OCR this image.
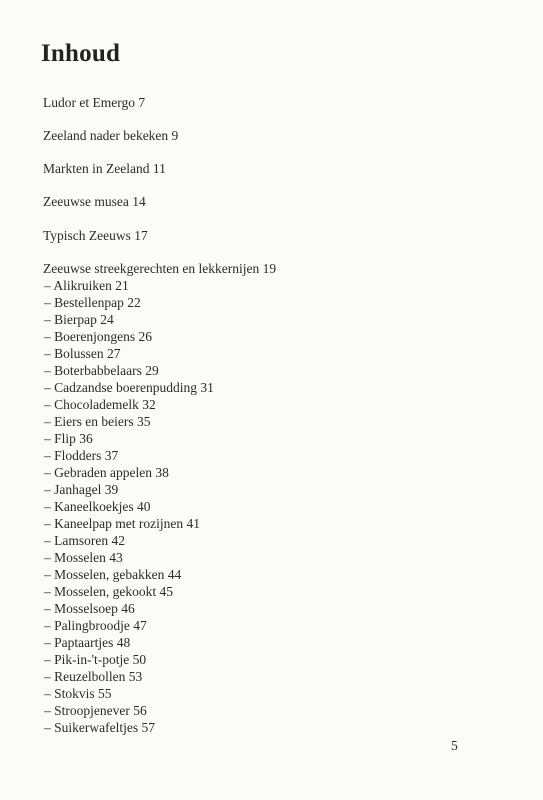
Inhoud
Ludor et Emergo 7
Zeeland nader bekeken 9
Markten in Zeeland 11
Zeeuwse musea 14
Typisch Zeeuws 17
Zeeuwse streekgerechten en lekkernijen 19
– Alikruiken 21
– Bestellenpap 22
– Bierpap 24
– Boerenjongens 26
– Bolussen 27
– Boterbabbelaars 29
– Cadzandse boerenpudding 31
– Chocolademelk 32
– Eiers en beiers 35
– Flip 36
– Flodders 37
– Gebraden appelen 38
– Janhagel 39
– Kaneelkoekjes 40
– Kaneelpap met rozijnen 41
– Lamsoren 42
– Mosselen 43
– Mosselen, gebakken 44
– Mosselen, gekookt 45
– Mosselsoep 46
– Palingbroodje 47
– Paptaartjes 48
– Pik-in-'t-potje 50
– Reuzelbollen 53
– Stokvis 55
– Stroopjenever 56
– Suikerwafeltjes 57
5
